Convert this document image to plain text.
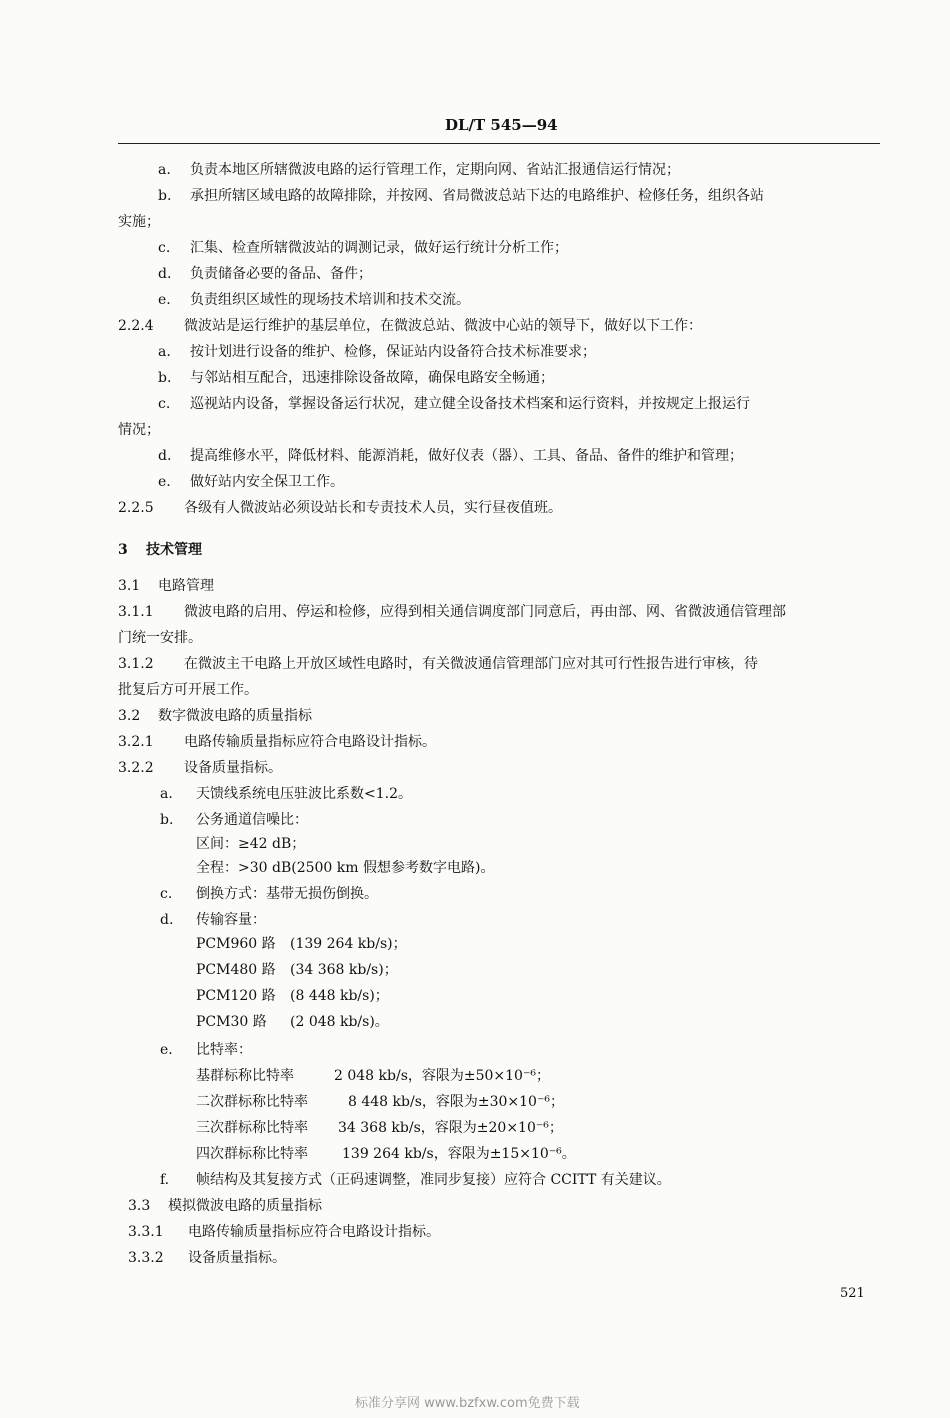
DL/T 545—94
a. 负责本地区所辖微波电路的运行管理工作，定期向网、省站汇报通信运行情况；
b. 承担所辖区域电路的故障排除，并按网、省局微波总站下达的电路维护、检修任务，组织各站
实施；
c. 汇集、检查所辖微波站的调测记录，做好运行统计分析工作；
d. 负责储备必要的备品、备件；
e. 负责组织区域性的现场技术培训和技术交流。
2.2.4 微波站是运行维护的基层单位，在微波总站、微波中心站的领导下，做好以下工作：
a. 按计划进行设备的维护、检修，保证站内设备符合技术标准要求；
b. 与邻站相互配合，迅速排除设备故障，确保电路安全畅通；
c. 巡视站内设备，掌握设备运行状况，建立健全设备技术档案和运行资料，并按规定上报运行
情况；
d. 提高维修水平，降低材料、能源消耗，做好仪表（器）、工具、备品、备件的维护和管理；
e. 做好站内安全保卫工作。
2.2.5 各级有人微波站必须设站长和专责技术人员，实行昼夜值班。
3 技术管理
3.1 电路管理
3.1.1 微波电路的启用、停运和检修，应得到相关通信调度部门同意后，再由部、网、省微波通信管理部
门统一安排。
3.1.2 在微波主干电路上开放区域性电路时，有关微波通信管理部门应对其可行性报告进行审核，待
批复后方可开展工作。
3.2 数字微波电路的质量指标
3.2.1 电路传输质量指标应符合电路设计指标。
3.2.2 设备质量指标。
a. 天馈线系统电压驻波比系数<1.2。
b. 公务通道信噪比：
区间：≥42 dB；
全程：>30 dB(2500 km 假想参考数字电路)。
c. 倒换方式：基带无损伤倒换。
d. 传输容量：
PCM960 路 (139 264 kb/s)；
PCM480 路 (34 368 kb/s)；
PCM120 路 (8 448 kb/s)；
PCM30 路 (2 048 kb/s)。
e. 比特率：
基群标称比特率	2 048 kb/s，容限为±50×10⁻⁶；
二次群标称比特率	8 448 kb/s，容限为±30×10⁻⁶；
三次群标称比特率 34 368 kb/s，容限为±20×10⁻⁶；
四次群标称比特率 139 264 kb/s，容限为±15×10⁻⁶。
f. 帧结构及其复接方式（正码速调整，准同步复接）应符合 CCITT 有关建议。
3.3 模拟微波电路的质量指标
3.3.1 电路传输质量指标应符合电路设计指标。
3.3.2 设备质量指标。
521
标准分享网 www.bzfxw.com免费下载
